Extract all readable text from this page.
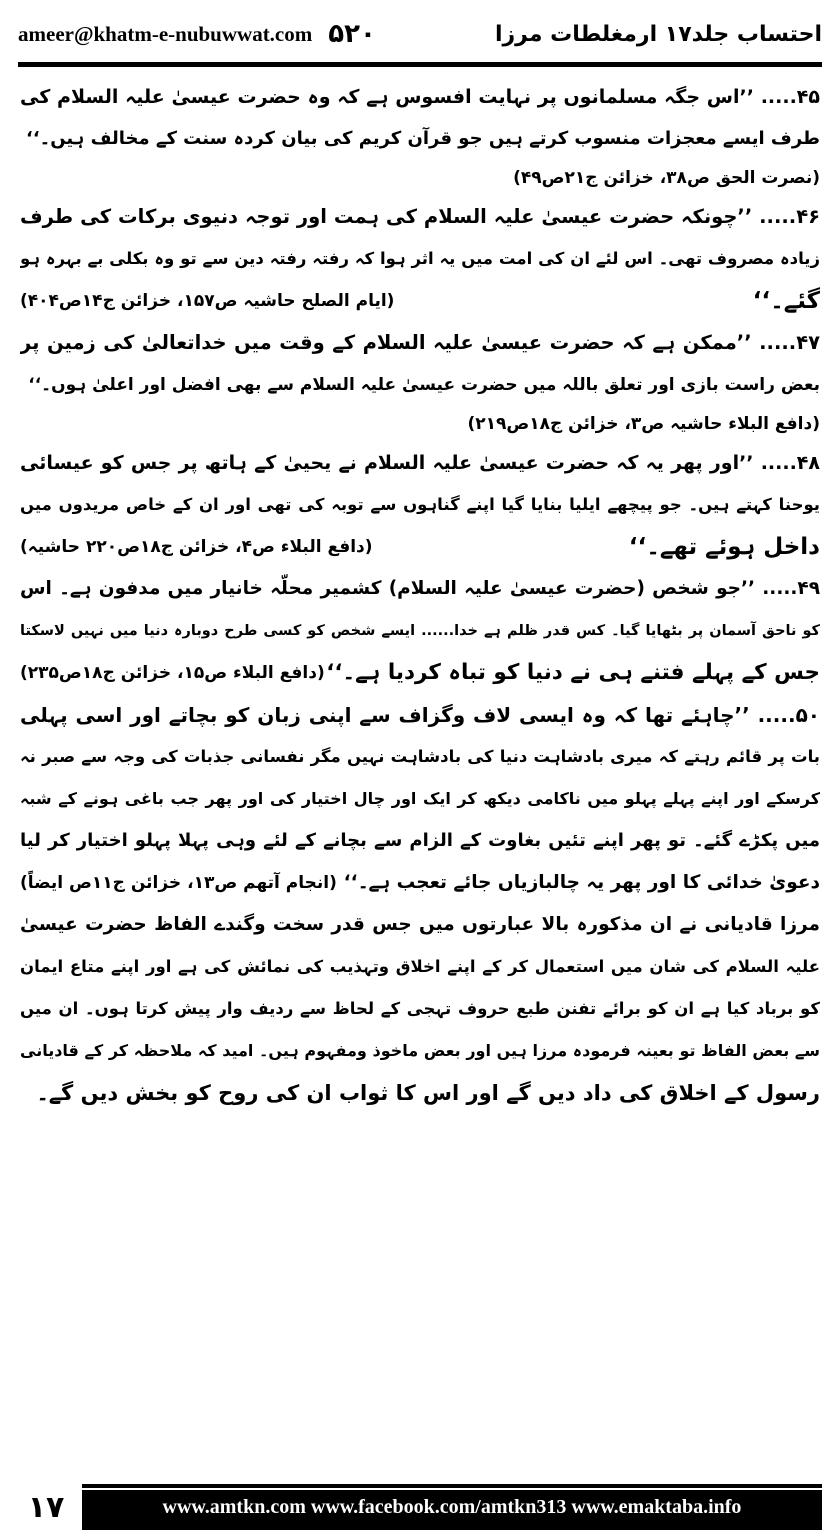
ameer@khatm-e-nubuwwat.com ۵۲۰	احتساب جلد۱۷ ارمغلطات مرزا
۴۵..... ’’اس جگہ مسلمانوں پر نہایت افسوس ہے کہ وہ حضرت عیسیٰ علیہ السلام کی
طرف ایسے معجزات منسوب کرتے ہیں جو قرآن کریم کی بیان کردہ سنت کے مخالف ہیں۔‘‘
(نصرت الحق ص۳۸، خزائن ج۲۱ص۴۹)
۴۶..... ’’چونکہ حضرت عیسیٰ علیہ السلام کی ہمت اور توجہ دنیوی برکات کی طرف
زیادہ مصروف تھی۔ اس لئے ان کی امت میں یہ اثر ہوا کہ رفتہ رفتہ دین سے تو وہ بکلی بے بہرہ ہو
گئے۔‘‘
(ایام الصلح حاشیہ ص۱۵۷، خزائن ج۱۴ص۴۰۴)
۴۷..... ’’ممکن ہے کہ حضرت عیسیٰ علیہ السلام کے وقت میں خداتعالیٰ کی زمین پر
بعض راست بازی اور تعلق باللہ میں حضرت عیسیٰ علیہ السلام سے بھی افضل اور اعلیٰ ہوں۔‘‘
(دافع البلاء حاشیہ ص۳، خزائن ج۱۸ص۲۱۹)
۴۸..... ’’اور پھر یہ کہ حضرت عیسیٰ علیہ السلام نے یحییٰ کے ہاتھ پر جس کو عیسائی
یوحنا کہتے ہیں۔ جو پیچھے ایلیا بنایا گیا اپنے گناہوں سے توبہ کی تھی اور ان کے خاص مریدوں میں
داخل ہوئے تھے۔‘‘
(دافع البلاء ص۴، خزائن ج۱۸ص۲۲۰ حاشیہ)
۴۹..... ’’جو شخص (حضرت عیسیٰ علیہ السلام) کشمیر محلّہ خانیار میں مدفون ہے۔ اس
کو ناحق آسمان پر بٹھایا گیا۔ کس قدر ظلم ہے خدا...... ایسے شخص کو کسی طرح دوبارہ دنیا میں نہیں لاسکتا
جس کے پہلے فتنے ہی نے دنیا کو تباہ کردیا ہے۔‘‘
(دافع البلاء ص۱۵، خزائن ج۱۸ص۲۳۵)
۵۰..... ’’چاہئے تھا کہ وہ ایسی لاف وگزاف سے اپنی زبان کو بچاتے اور اسی پہلی
بات پر قائم رہتے کہ میری بادشاہت دنیا کی بادشاہت نہیں مگر نفسانی جذبات کی وجہ سے صبر نہ
کرسکے اور اپنے پہلے پہلو میں ناکامی دیکھ کر ایک اور چال اختیار کی اور پھر جب باغی ہونے کے شبہ
میں پکڑے گئے۔ تو پھر اپنے تئیں بغاوت کے الزام سے بچانے کے لئے وہی پہلا پہلو اختیار کر لیا
دعویٰ خدائی کا اور پھر یہ چالبازیاں جائے تعجب ہے۔‘‘
(انجام آتھم ص۱۳، خزائن ج۱۱ص ایضاً)
مرزا قادیانی نے ان مذکورہ بالا عبارتوں میں جس قدر سخت وگندے الفاظ حضرت عیسیٰ
علیہ السلام کی شان میں استعمال کر کے اپنے اخلاق وتہذیب کی نمائش کی ہے اور اپنے متاع ایمان
کو برباد کیا ہے ان کو برائے تفنن طبع حروف تہجی کے لحاظ سے ردیف وار پیش کرتا ہوں۔ ان میں
سے بعض الفاظ تو بعینہ فرمودہ مرزا ہیں اور بعض ماخوذ ومفہوم ہیں۔ امید کہ ملاحظہ کر کے قادیانی
رسول کے اخلاق کی داد دیں گے اور اس کا ثواب ان کی روح کو بخش دیں گے۔
۱۷	www.amtkn.com www.facebook.com/amtkn313 www.emaktaba.info
